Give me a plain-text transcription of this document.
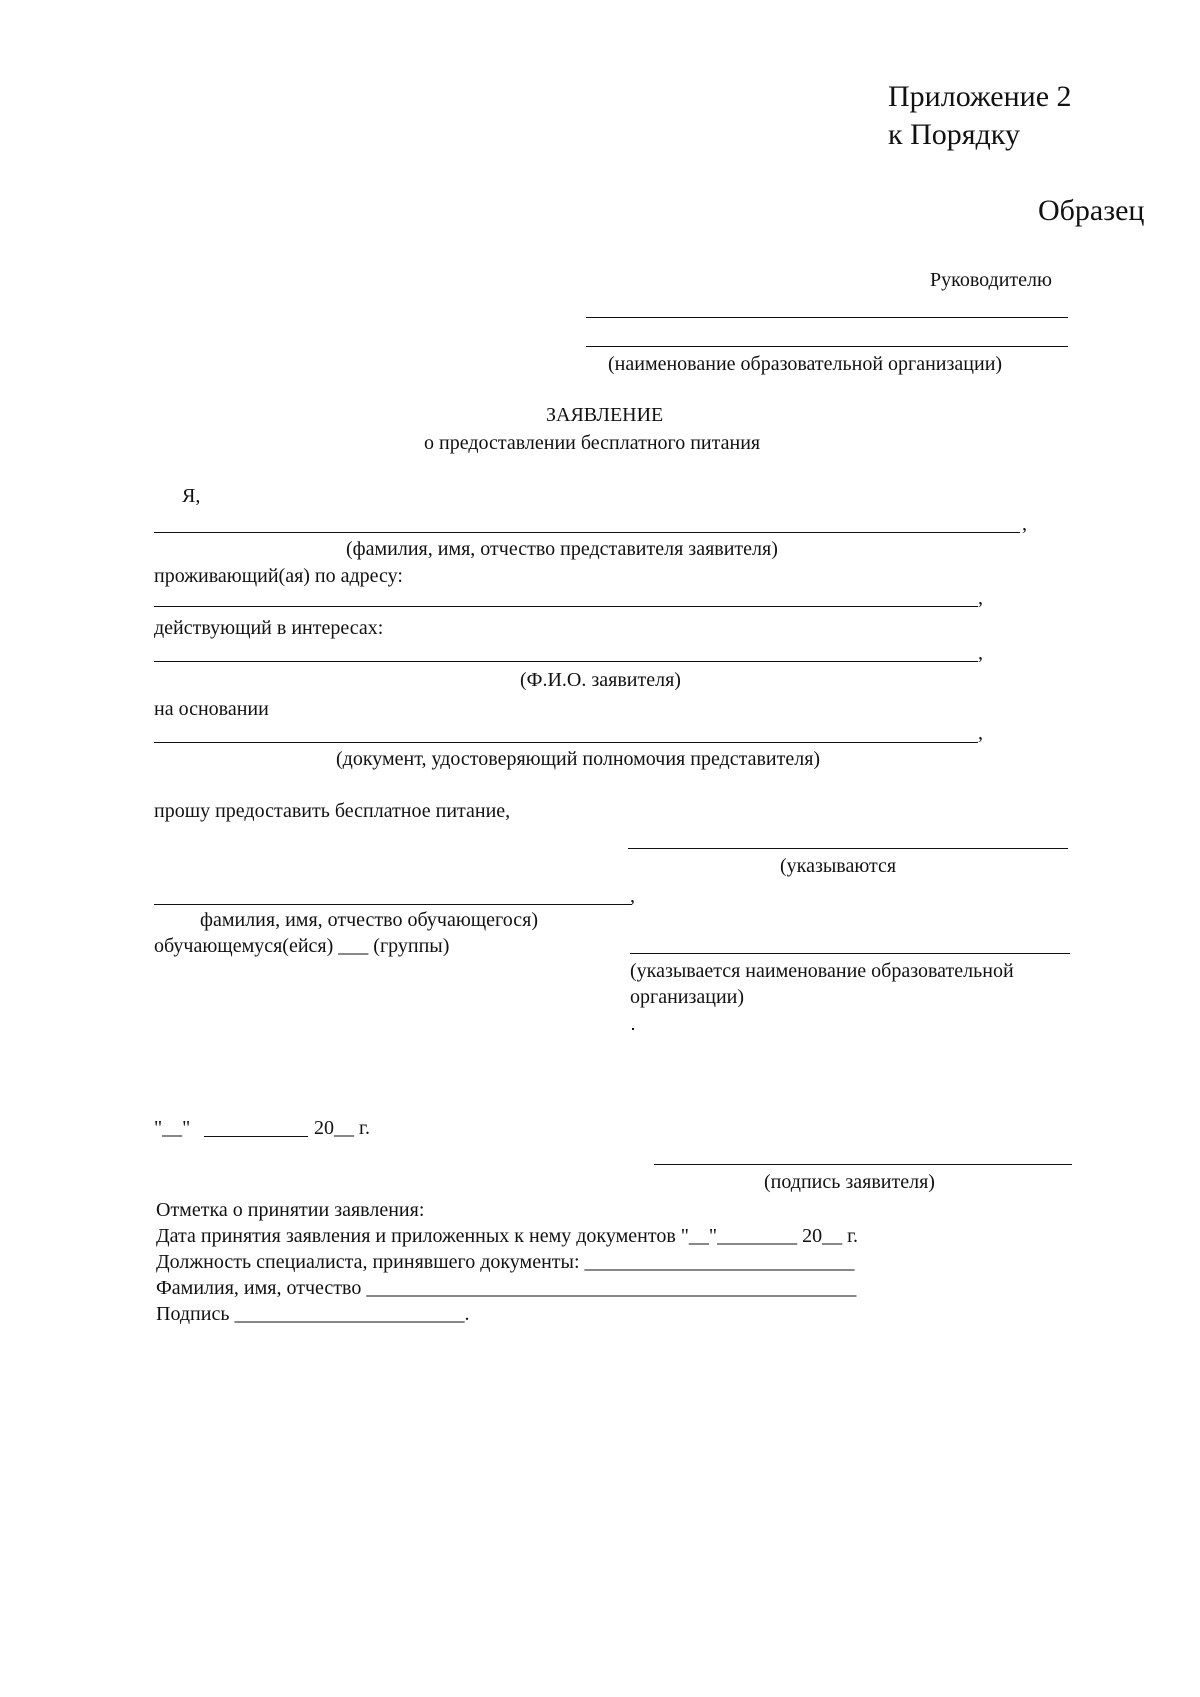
Приложение 2
к Порядку
Образец
Руководителю
(наименование образовательной организации)
ЗАЯВЛЕНИЕ
о предоставлении бесплатного питания
Я,
,
(фамилия, имя, отчество представителя заявителя)
проживающий(ая) по адресу:
,
действующий в интересах:
,
(Ф.И.О. заявителя)
на основании
,
(документ, удостоверяющий полномочия представителя)
прошу предоставить бесплатное питание,
(указываются
,
фамилия, имя, отчество обучающегося)
обучающемуся(ейся) ___ (группы)
(указывается наименование образовательной
организации)
"__"	20__ г.
(подпись заявителя)
Отметка о принятии заявления:
Дата принятия заявления и приложенных к нему документов "__"________ 20__ г.
Должность специалиста, принявшего документы: ___________________________
Фамилия, имя, отчество _________________________________________________
Подпись _______________________.
